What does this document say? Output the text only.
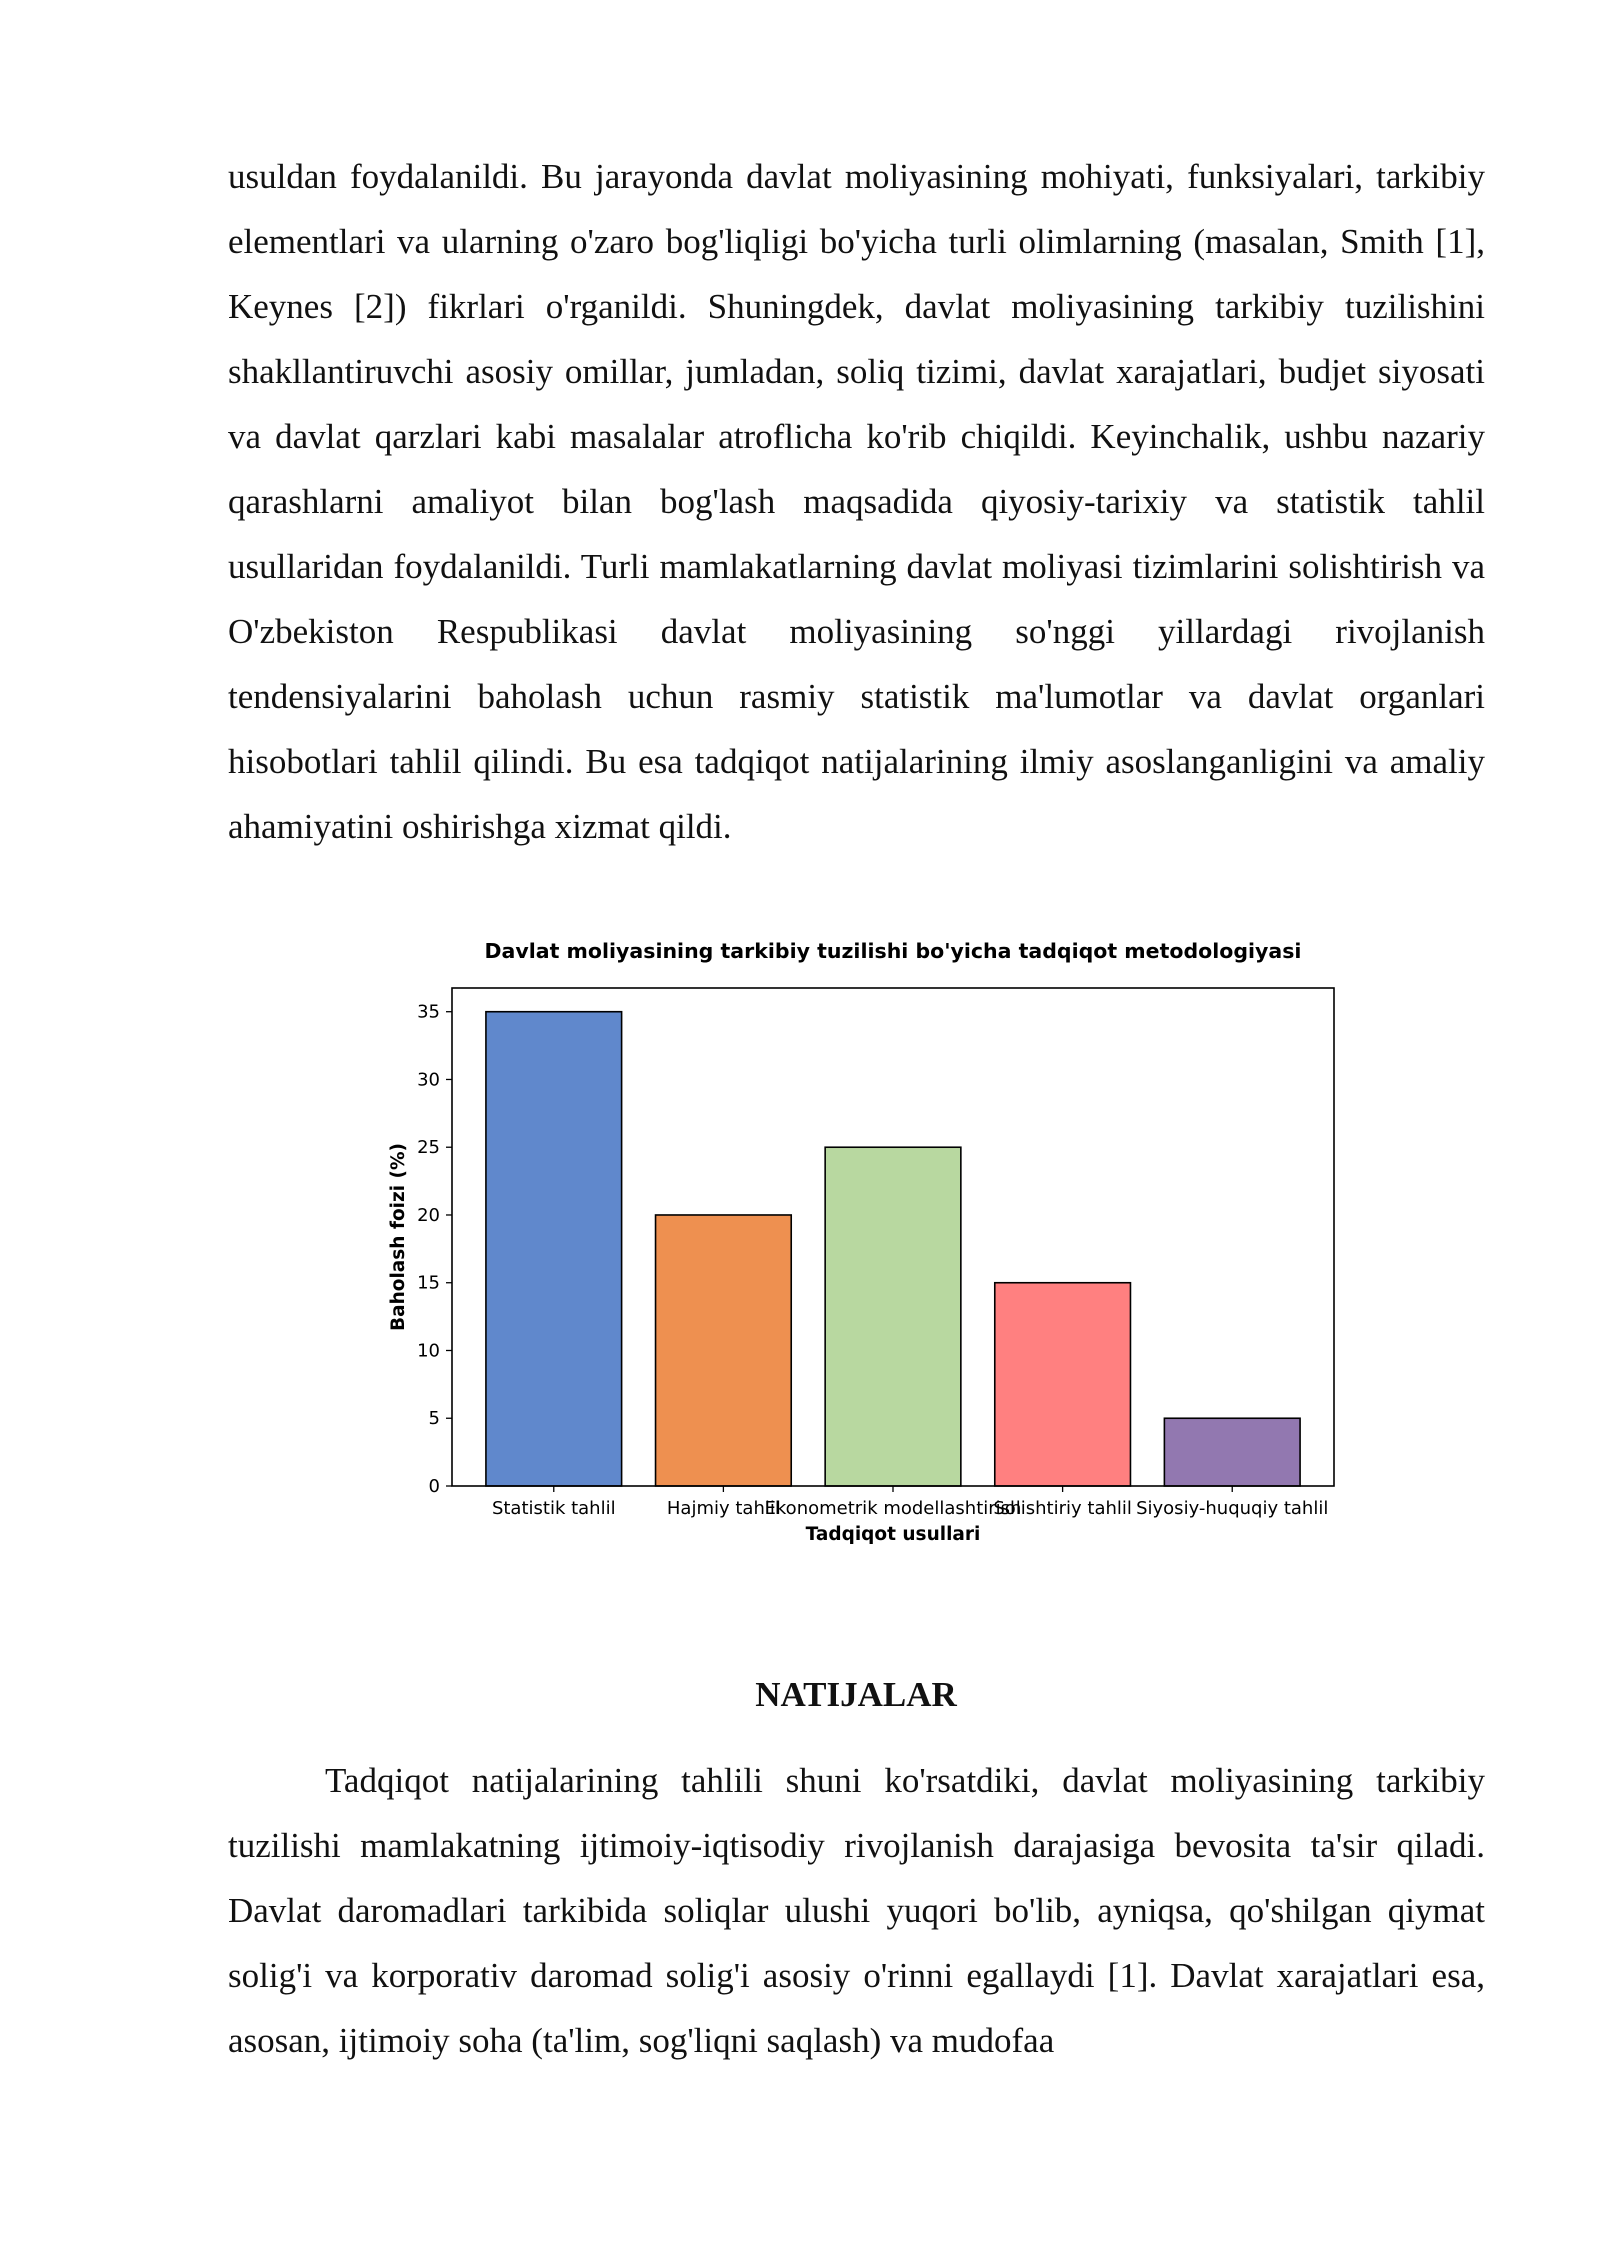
usuldan foydalanildi. Bu jarayonda davlat moliyasining mohiyati, funksiyalari, tarkibiy elementlari va ularning o'zaro bog'liqligi bo'yicha turli olimlarning (masalan, Smith [1], Keynes [2]) fikrlari o'rganildi. Shuningdek, davlat moliyasining tarkibiy tuzilishini shakllantiruvchi asosiy omillar, jumladan, soliq tizimi, davlat xarajatlari, budjet siyosati va davlat qarzlari kabi masalalar atroflicha ko'rib chiqildi. Keyinchalik, ushbu nazariy qarashlarni amaliyot bilan bog'lash maqsadida qiyosiy-tarixiy va statistik tahlil usullaridan foydalanildi. Turli mamlakatlarning davlat moliyasi tizimlarini solishtirish va O'zbekiston Respublikasi davlat moliyasining so'nggi yillardagi rivojlanish tendensiyalarini baholash uchun rasmiy statistik ma'lumotlar va davlat organlari hisobotlari tahlil qilindi. Bu esa tadqiqot natijalarining ilmiy asoslanganligini va amaliy ahamiyatini oshirishga xizmat qildi.

Davlat moliyasining tarkibiy tuzilishi bo'yicha tadqiqot metodologiyasi
0
5
10
15
20
25
30
35
Statistik tahlil	Hajmiy tahlil
Ekonometrik modellashtirish
Solishtiriy tahlil Siyosiy-huquqiy tahlil
Tadqiqot usullari
Baholash foizi (%)
NATIJALAR

Tadqiqot natijalarining tahlili shuni ko'rsatdiki, davlat moliyasining tarkibiy tuzilishi mamlakatning ijtimoiy-iqtisodiy rivojlanish darajasiga bevosita ta'sir qiladi. Davlat daromadlari tarkibida soliqlar ulushi yuqori bo'lib, ayniqsa, qo'shilgan qiymat solig'i va korporativ daromad solig'i asosiy o'rinni egallaydi [1]. Davlat xarajatlari esa, asosan, ijtimoiy soha (ta'lim, sog'liqni saqlash) va mudofaa
